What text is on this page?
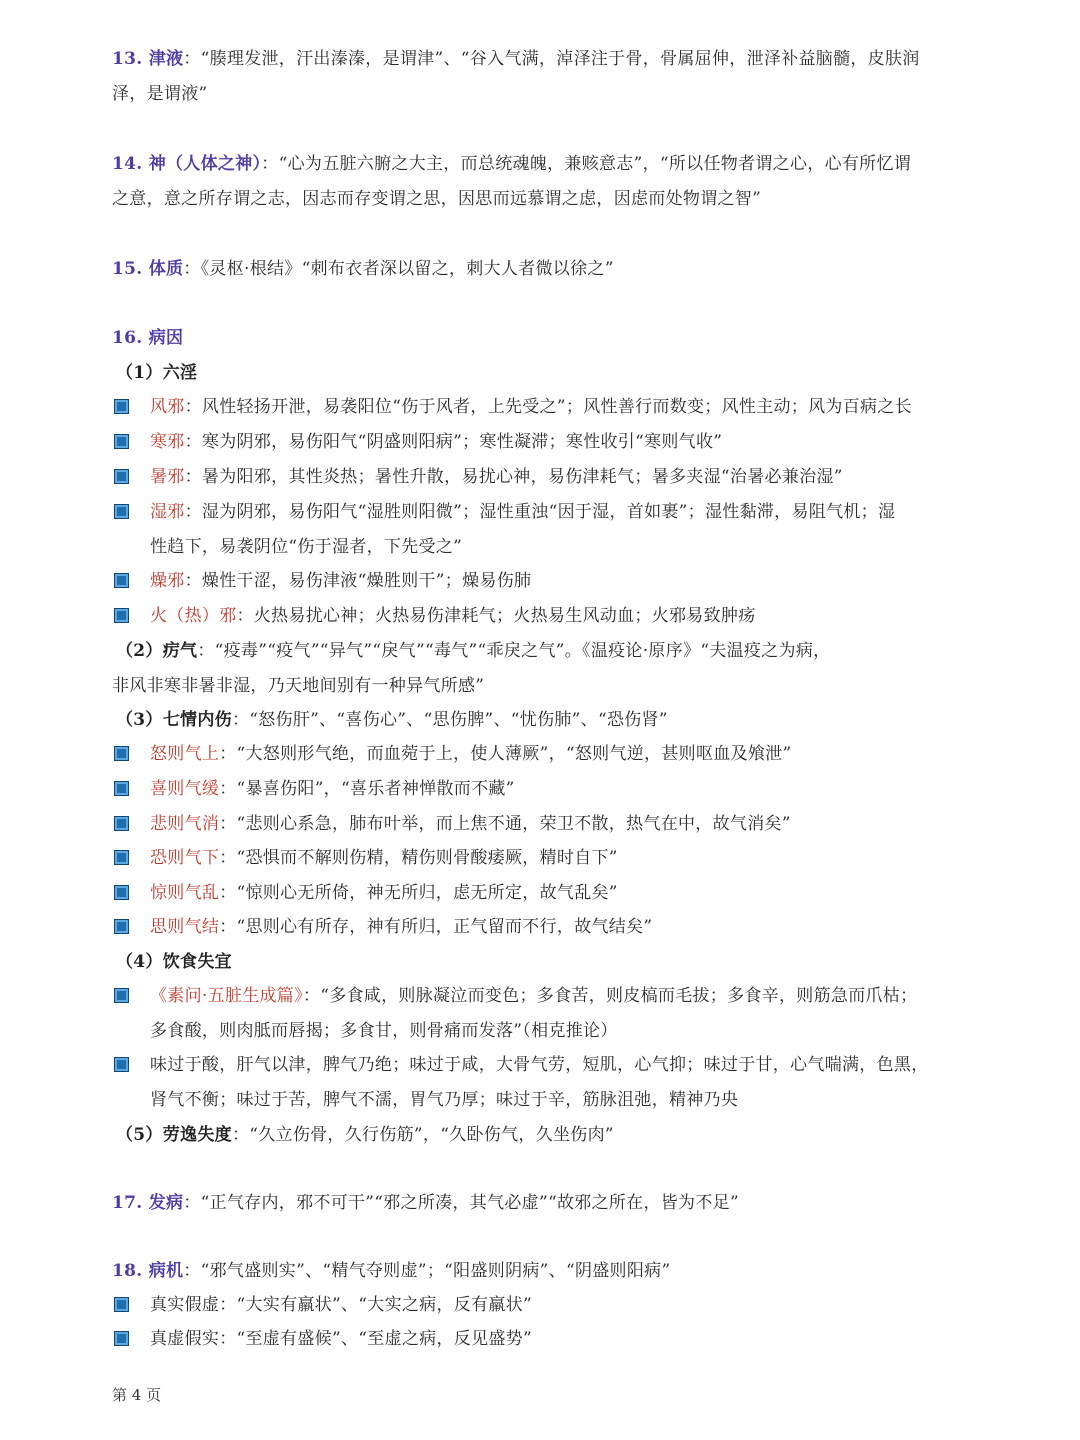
13. 津液：“腠理发泄，汗出溱溱，是谓津”、“谷入气满，淖泽注于骨，骨属屈伸，泄泽补益脑髓，皮肤润
泽，是谓液”
14. 神（人体之神）：“心为五脏六腑之大主，而总统魂魄，兼赅意志”，“所以任物者谓之心，心有所忆谓
之意，意之所存谓之志，因志而存变谓之思，因思而远慕谓之虑，因虑而处物谓之智”
15. 体质：《灵枢·根结》“刺布衣者深以留之，刺大人者微以徐之”
16. 病因
（1）六淫
风邪：风性轻扬开泄，易袭阳位“伤于风者，上先受之”；风性善行而数变；风性主动；风为百病之长
寒邪：寒为阴邪，易伤阳气“阴盛则阳病”；寒性凝滞；寒性收引“寒则气收”
暑邪：暑为阳邪，其性炎热；暑性升散，易扰心神，易伤津耗气；暑多夹湿“治暑必兼治湿”
湿邪：湿为阴邪，易伤阳气“湿胜则阳微”；湿性重浊“因于湿，首如裹”；湿性黏滞，易阻气机；湿
性趋下，易袭阴位“伤于湿者，下先受之”
燥邪：燥性干涩，易伤津液“燥胜则干”；燥易伤肺
火（热）邪：火热易扰心神；火热易伤津耗气；火热易生风动血；火邪易致肿疡
（2）疠气：“疫毒”“疫气”“异气”“戾气”“毒气”“乖戾之气”。《温疫论·原序》“夫温疫之为病，
非风非寒非暑非湿，乃天地间别有一种异气所感”
（3）七情内伤：“怒伤肝”、“喜伤心”、“思伤脾”、“忧伤肺”、“恐伤肾”
怒则气上：“大怒则形气绝，而血菀于上，使人薄厥”，“怒则气逆，甚则呕血及飧泄”
喜则气缓：“暴喜伤阳”，“喜乐者神惮散而不藏”
悲则气消：“悲则心系急，肺布叶举，而上焦不通，荣卫不散，热气在中，故气消矣”
恐则气下：“恐惧而不解则伤精，精伤则骨酸痿厥，精时自下”
惊则气乱：“惊则心无所倚，神无所归，虑无所定，故气乱矣”
思则气结：“思则心有所存，神有所归，正气留而不行，故气结矣”
（4）饮食失宜
《素问·五脏生成篇》：“多食咸，则脉凝泣而变色；多食苦，则皮槁而毛拔；多食辛，则筋急而爪枯；
多食酸，则肉胝而唇揭；多食甘，则骨痛而发落”（相克推论）
味过于酸，肝气以津，脾气乃绝；味过于咸，大骨气劳，短肌，心气抑；味过于甘，心气喘满，色黑，
肾气不衡；味过于苦，脾气不濡，胃气乃厚；味过于辛，筋脉沮弛，精神乃央
（5）劳逸失度：“久立伤骨，久行伤筋”，“久卧伤气，久坐伤肉”
17. 发病：“正气存内，邪不可干”“邪之所凑，其气必虚”“故邪之所在，皆为不足”
18. 病机：“邪气盛则实”、“精气夺则虚”；“阳盛则阴病”、“阴盛则阳病”
真实假虚：“大实有羸状”、“大实之病，反有羸状”
真虚假实：“至虚有盛候”、“至虚之病，反见盛势”
第 4 页
